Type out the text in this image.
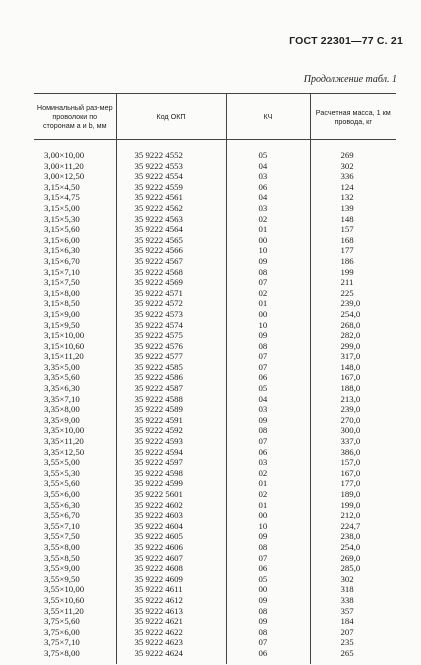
ГОСТ 22301—77 С. 21
Продолжение табл. 1
Номинальный раз-мер проволоки по сторонам a и b, мм	Код ОКП	КЧ	Расчетная масса, 1 км провода, кг
3,00×10,00	35 9222 4552	05	269
3,00×11,20	35 9222 4553	04	302
3,00×12,50	35 9222 4554	03	336
3,15×4,50	35 9222 4559	06	124
3,15×4,75	35 9222 4561	04	132
3,15×5,00	35 9222 4562	03	139
3,15×5,30	35 9222 4563	02	148
3,15×5,60	35 9222 4564	01	157
3,15×6,00	35 9222 4565	00	168
3,15×6,30	35 9222 4566	10	177
3,15×6,70	35 9222 4567	09	186
3,15×7,10	35 9222 4568	08	199
3,15×7,50	35 9222 4569	07	211
3,15×8,00	35 9222 4571	02	225
3,15×8,50	35 9222 4572	01	239,0
3,15×9,00	35 9222 4573	00	254,0
3,15×9,50	35 9222 4574	10	268,0
3,15×10,00	35 9222 4575	09	282,0
3,15×10,60	35 9222 4576	08	299,0
3,15×11,20	35 9222 4577	07	317,0
3,35×5,00	35 9222 4585	07	148,0
3,35×5,60	35 9222 4586	06	167,0
3,35×6,30	35 9222 4587	05	188,0
3,35×7,10	35 9222 4588	04	213,0
3,35×8,00	35 9222 4589	03	239,0
3,35×9,00	35 9222 4591	09	270,0
3,35×10,00	35 9222 4592	08	300,0
3,35×11,20	35 9222 4593	07	337,0
3,35×12,50	35 9222 4594	06	386,0
3,55×5,00	35 9222 4597	03	157,0
3,55×5,30	35 9222 4598	02	167,0
3,55×5,60	35 9222 4599	01	177,0
3,55×6,00	35 9222 5601	02	189,0
3,55×6,30	35 9222 4602	01	199,0
3,55×6,70	35 9222 4603	00	212,0
3,55×7,10	35 9222 4604	10	224,7
3,55×7,50	35 9222 4605	09	238,0
3,55×8,00	35 9222 4606	08	254,0
3,55×8,50	35 9222 4607	07	269,0
3,55×9,00	35 9222 4608	06	285,0
3,55×9,50	35 9222 4609	05	302
3,55×10,00	35 9222 4611	00	318
3,55×10,60	35 9222 4612	09	338
3,55×11,20	35 9222 4613	08	357
3,75×5,60	35 9222 4621	09	184
3,75×6,00	35 9222 4622	08	207
3,75×7,10	35 9222 4623	07	235
3,75×8,00	35 9222 4624	06	265
